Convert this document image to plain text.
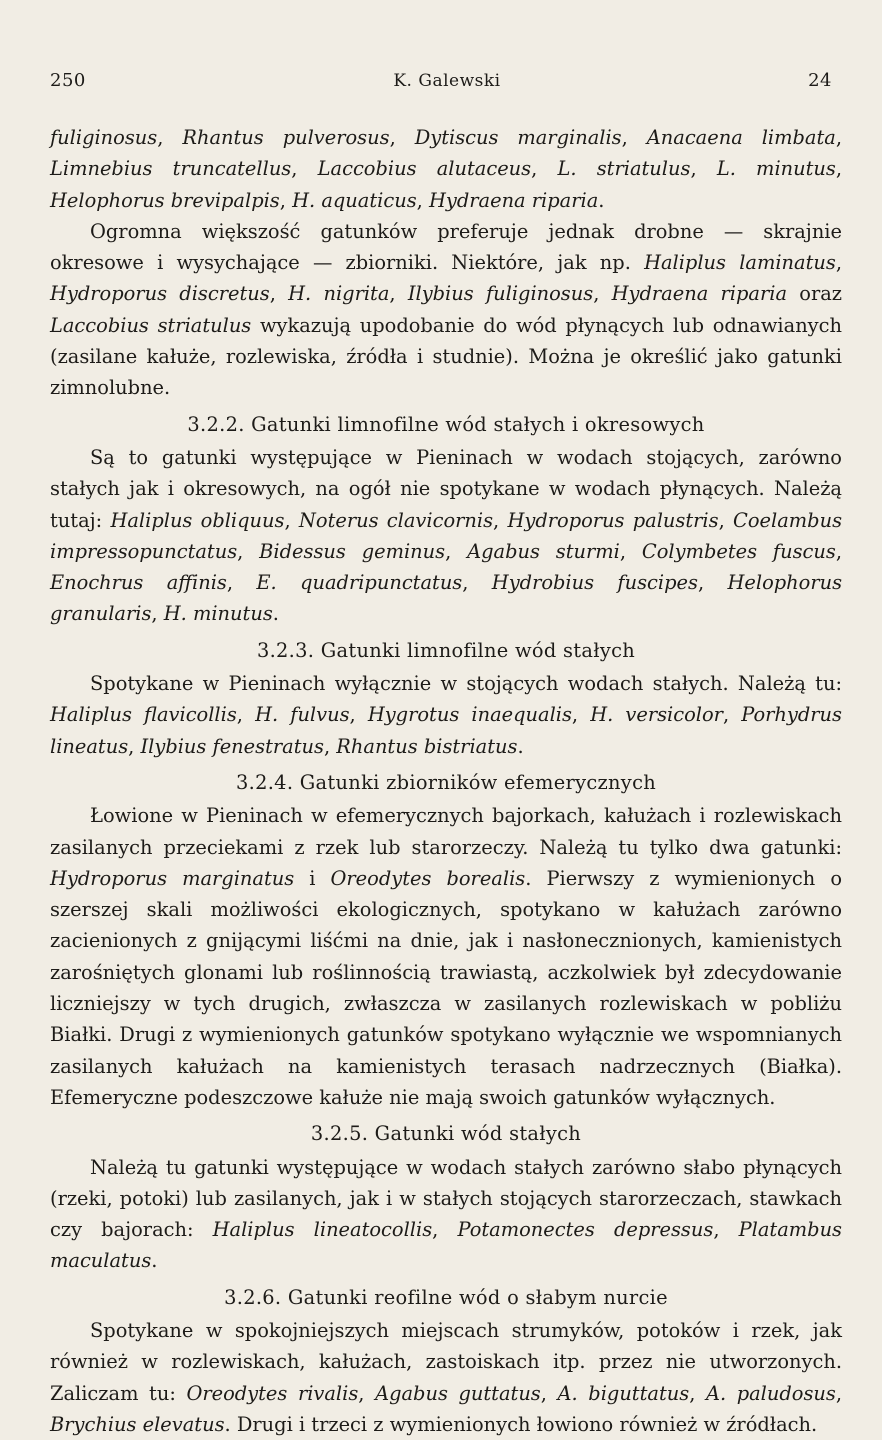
250	K. Galewski	24

fuliginosus, Rhantus pulverosus, Dytiscus marginalis, Anacaena limbata, Limnebius truncatellus, Laccobius alutaceus, L. striatulus, L. minutus, Helophorus brevipalpis, H. aquaticus, Hydraena riparia.

Ogromna większość gatunków preferuje jednak drobne — skrajnie okresowe i wysychające — zbiorniki. Niektóre, jak np. Haliplus laminatus, Hydroporus discretus, H. nigrita, Ilybius fuliginosus, Hydraena riparia oraz Laccobius striatulus wykazują upodobanie do wód płynących lub odnawianych (zasilane kałuże, rozlewiska, źródła i studnie). Można je określić jako gatunki zimnolubne.

3.2.2. Gatunki limnofilne wód stałych i okresowych

Są to gatunki występujące w Pieninach w wodach stojących, zarówno stałych jak i okresowych, na ogół nie spotykane w wodach płynących. Należą tutaj: Haliplus obliquus, Noterus clavicornis, Hydroporus palustris, Coelambus impressopunctatus, Bidessus geminus, Agabus sturmi, Colymbetes fuscus, Enochrus affinis, E. quadripunctatus, Hydrobius fuscipes, Helophorus granularis, H. minutus.

3.2.3. Gatunki limnofilne wód stałych

Spotykane w Pieninach wyłącznie w stojących wodach stałych. Należą tu: Haliplus flavicollis, H. fulvus, Hygrotus inaequalis, H. versicolor, Porhydrus lineatus, Ilybius fenestratus, Rhantus bistriatus.

3.2.4. Gatunki zbiorników efemerycznych

Łowione w Pieninach w efemerycznych bajorkach, kałużach i rozlewiskach zasilanych przeciekami z rzek lub starorzeczy. Należą tu tylko dwa gatunki: Hydroporus marginatus i Oreodytes borealis. Pierwszy z wymienionych o szerszej skali możliwości ekologicznych, spotykano w kałużach zarówno zacienionych z gnijącymi liśćmi na dnie, jak i nasłonecznionych, kamienistych zarośniętych glonami lub roślinnością trawiastą, aczkolwiek był zdecydowanie liczniejszy w tych drugich, zwłaszcza w zasilanych rozlewiskach w pobliżu Białki. Drugi z wymienionych gatunków spotykano wyłącznie we wspomnianych zasilanych kałużach na kamienistych terasach nadrzecznych (Białka). Efemeryczne podeszczowe kałuże nie mają swoich gatunków wyłącznych.

3.2.5. Gatunki wód stałych

Należą tu gatunki występujące w wodach stałych zarówno słabo płynących (rzeki, potoki) lub zasilanych, jak i w stałych stojących starorzeczach, stawkach czy bajorach: Haliplus lineatocollis, Potamonectes depressus, Platambus maculatus.

3.2.6. Gatunki reofilne wód o słabym nurcie

Spotykane w spokojniejszych miejscach strumyków, potoków i rzek, jak również w rozlewiskach, kałużach, zastoiskach itp. przez nie utworzonych. Zaliczam tu: Oreodytes rivalis, Agabus guttatus, A. biguttatus, A. paludosus, Brychius elevatus. Drugi i trzeci z wymienionych łowiono również w źródłach.
